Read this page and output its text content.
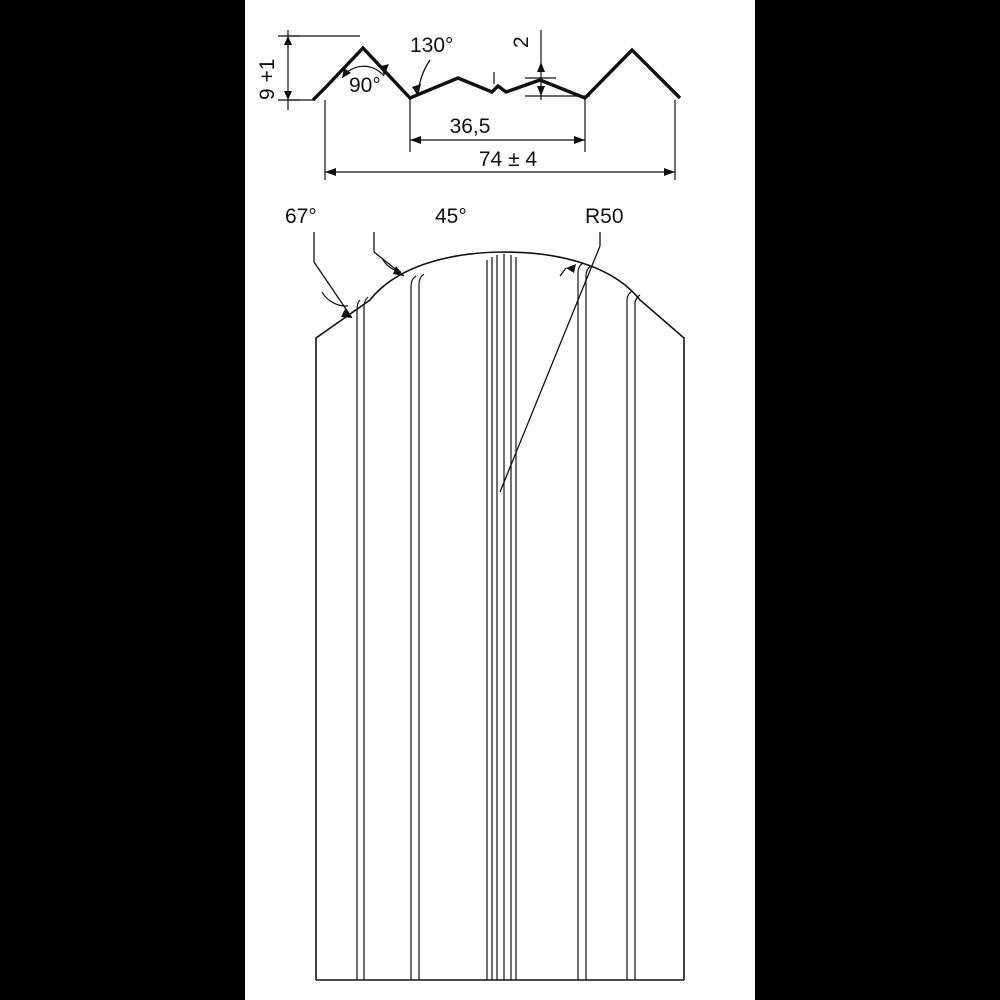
9 +1	90°
130°	2
36,5
74 ± 4
67°	45°	R50
